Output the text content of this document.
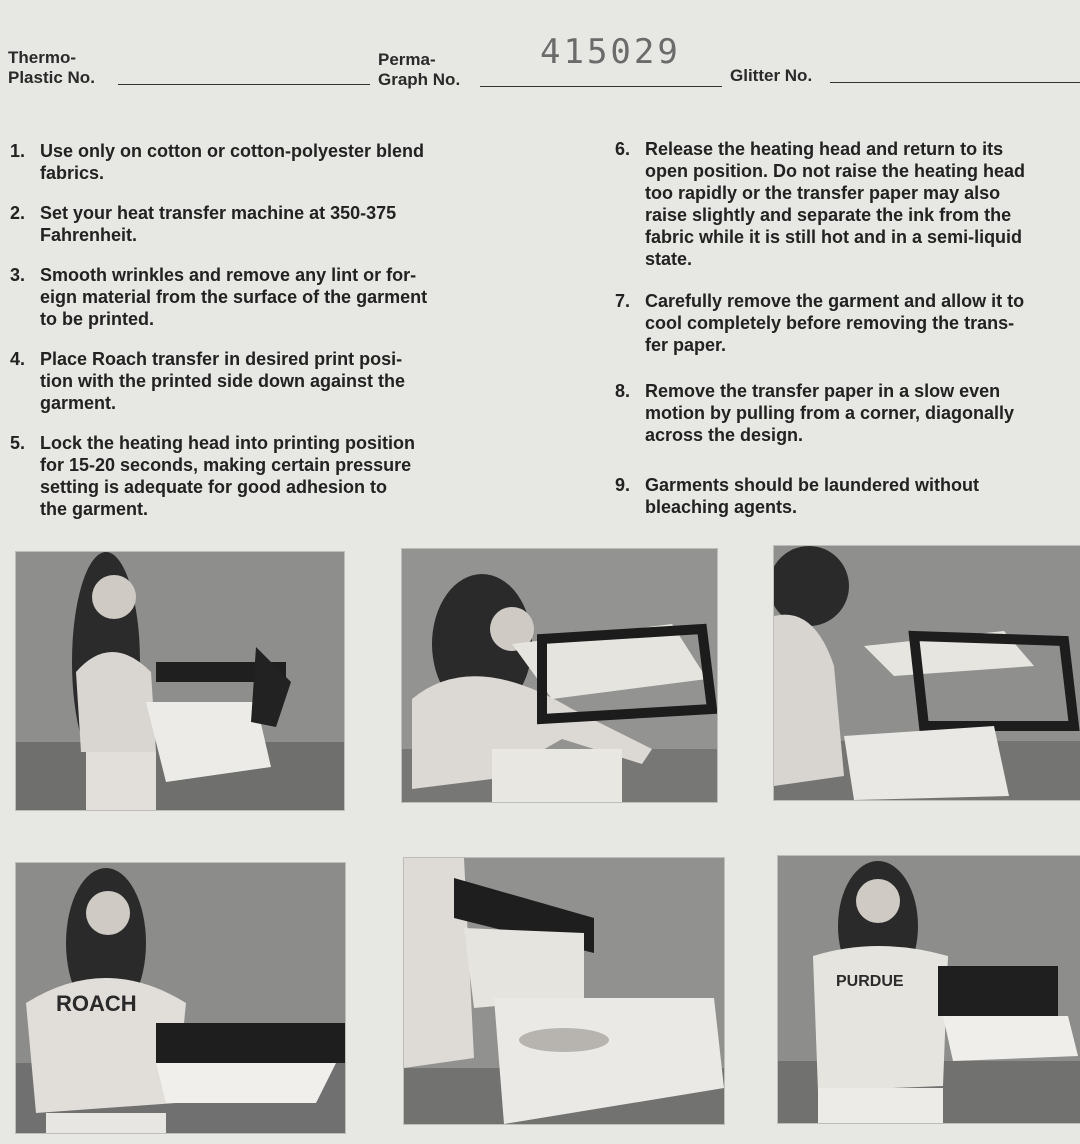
Thermo-
Plastic No.
Perma-
Graph No.
415029
Glitter No.
1. Use only on cotton or cotton-polyester blend
fabrics.
2. Set your heat transfer machine at 350-375
Fahrenheit.
3. Smooth wrinkles and remove any lint or for-
eign material from the surface of the garment
to be printed.
4. Place Roach transfer in desired print posi-
tion with the printed side down against the
garment.
5. Lock the heating head into printing position
for 15-20 seconds, making certain pressure
setting is adequate for good adhesion to
the garment.
6. Release the heating head and return to its
open position. Do not raise the heating head
too rapidly or the transfer paper may also
raise slightly and separate the ink from the
fabric while it is still hot and in a semi-liquid
state.
7. Carefully remove the garment and allow it to
cool completely before removing the trans-
fer paper.
8. Remove the transfer paper in a slow even
motion by pulling from a corner, diagonally
across the design.
9. Garments should be laundered without
bleaching agents.
ROACH
PURDUE
